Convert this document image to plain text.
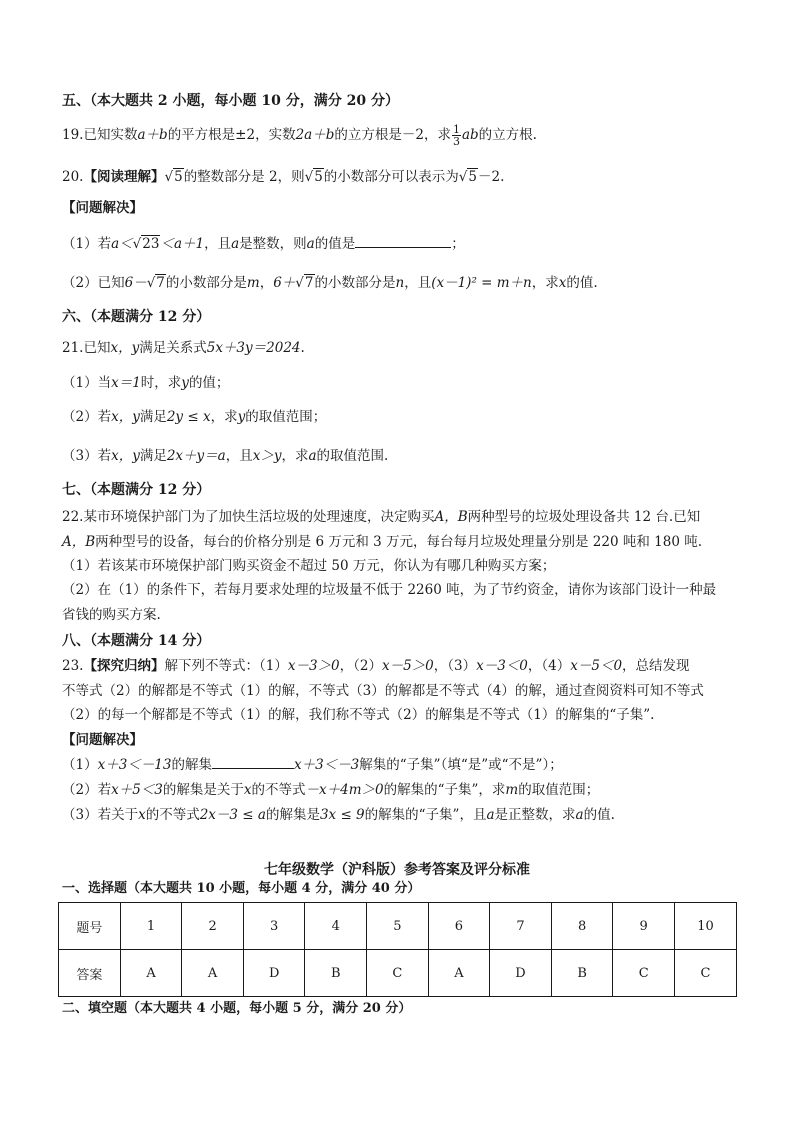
五、（本大题共 2 小题，每小题 10 分，满分 20 分）
19.已知实数a＋b的平方根是±2，实数2a＋b的立方根是－2，求 $\frac{1}{3}$ ab的立方根.
20.【阅读理解】√5的整数部分是 2，则√5的小数部分可以表示为√5－2.
【问题解决】
（1）若a＜√23＜a＋1，且a是整数，则a的值是	；
（2）已知6－√7的小数部分是m，6＋√7的小数部分是n，且(x－1)² = m＋n，求x的值.
六、（本题满分 12 分）
21.已知x，y满足关系式5x＋3y＝2024.
（1）当x＝1时，求y的值；
（2）若x，y满足2y ≤ x，求y的取值范围；
（3）若x，y满足2x＋y＝a，且x＞y，求a的取值范围.
七、（本题满分 12 分）
22.某市环境保护部门为了加快生活垃圾的处理速度，决定购买A，B两种型号的垃圾处理设备共 12 台.已知
A，B两种型号的设备，每台的价格分别是 6 万元和 3 万元，每台每月垃圾处理量分别是 220 吨和 180 吨.
（1）若该某市环境保护部门购买资金不超过 50 万元，你认为有哪几种购买方案；
（2）在（1）的条件下，若每月要求处理的垃圾量不低于 2260 吨，为了节约资金，请你为该部门设计一种最
省钱的购买方案.
八、（本题满分 14 分）
23.【探究归纳】解下列不等式：（1）x－3＞0，（2）x－5＞0，（3）x－3＜0，（4）x－5＜0，总结发现
不等式（2）的解都是不等式（1）的解，不等式（3）的解都是不等式（4）的解，通过查阅资料可知不等式
（2）的每一个解都是不等式（1）的解，我们称不等式（2）的解集是不等式（1）的解集的“子集”.
【问题解决】
（1）x＋3＜－13的解集	x＋3＜－3解集的“子集”（填“是”或“不是”）；
（2）若x＋5＜3的解集是关于x的不等式－x＋4m＞0的解集的“子集”，求m的取值范围；
（3）若关于x的不等式2x－3 ≤ a的解集是3x ≤ 9的解集的“子集”，且a是正整数，求a的值.
七年级数学（沪科版）参考答案及评分标准
一、选择题（本大题共 10 小题，每小题 4 分，满分 40 分）
题号	1	2	3	4	5	6	7	8	9	10
答案	A	A	D	B	C	A	D	B	C	C
二、填空题（本大题共 4 小题，每小题 5 分，满分 20 分）
